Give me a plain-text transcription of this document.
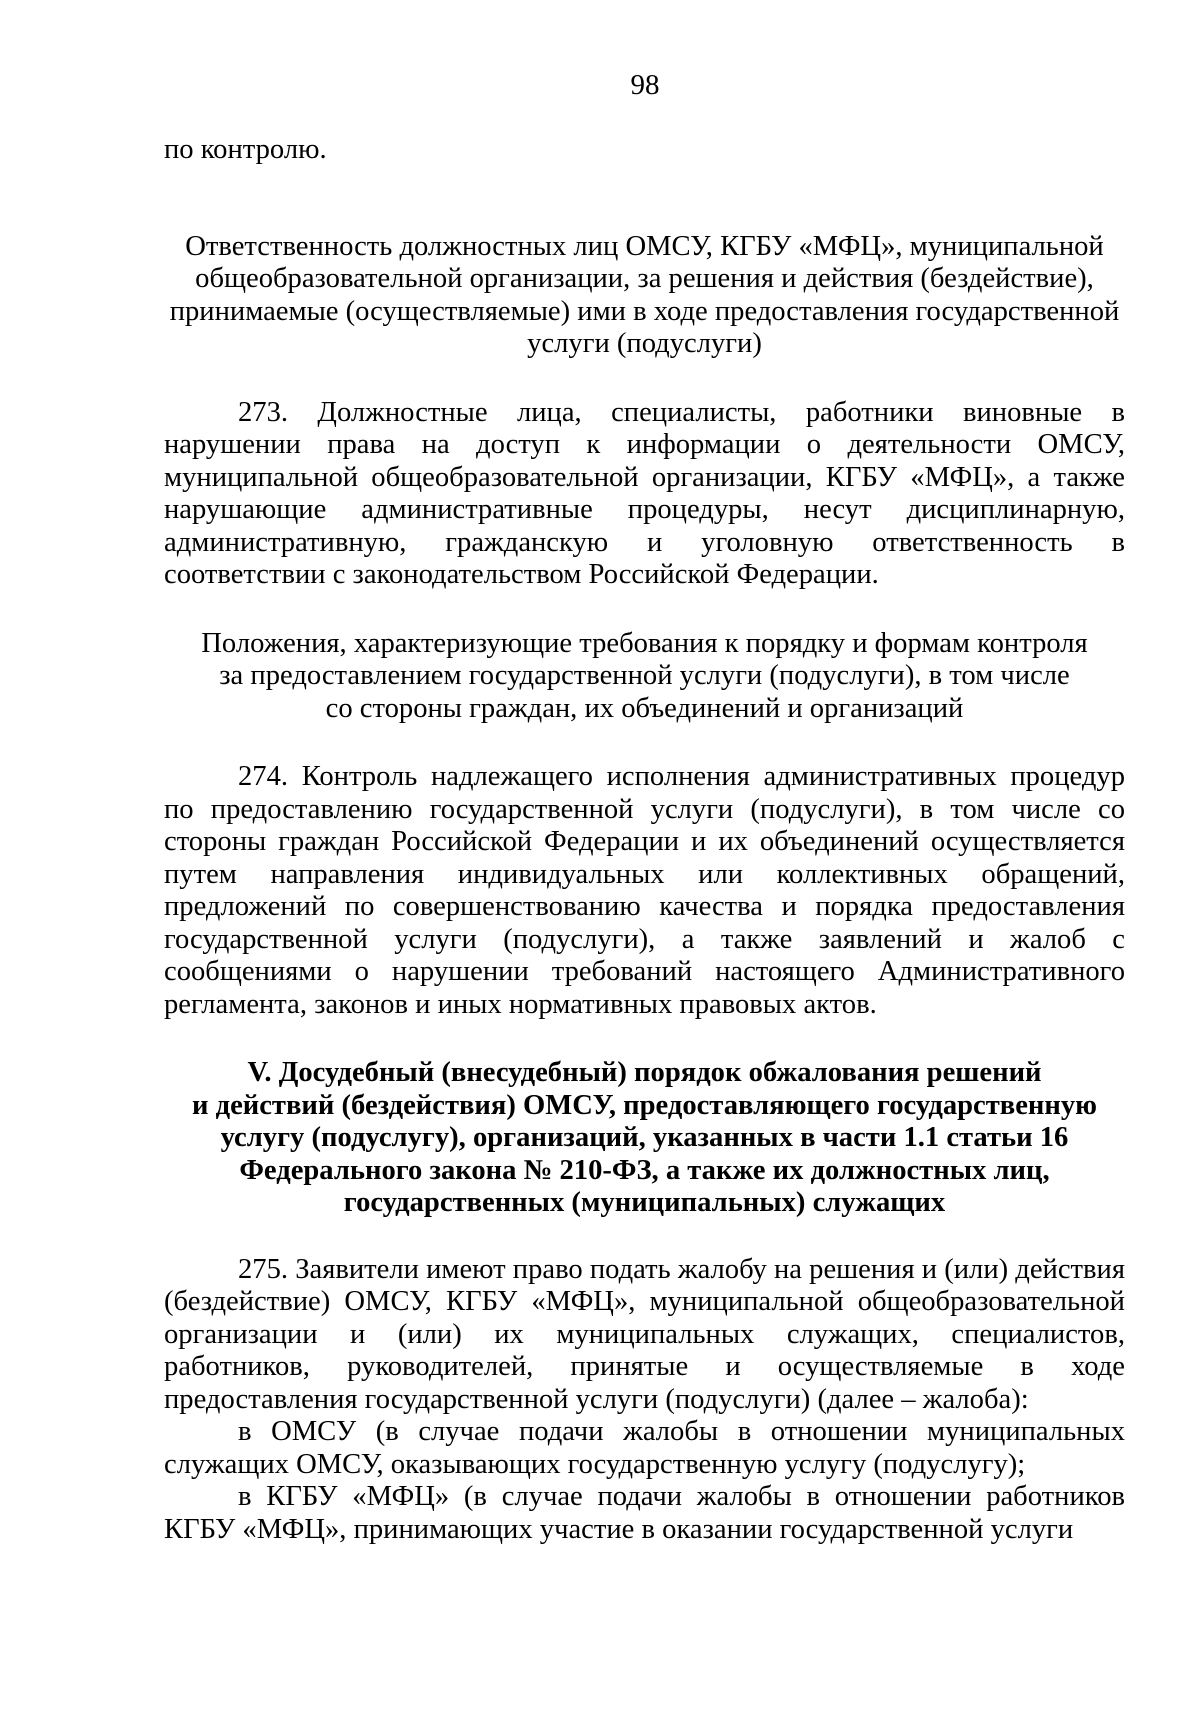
98

по контролю.

Ответственность должностных лиц ОМСУ, КГБУ «МФЦ», муниципальной

общеобразовательной организации, за решения и действия (бездействие),

принимаемые (осуществляемые) ими в ходе предоставления государственной

услуги (подуслуги)

273. Должностные лица, специалисты, работники виновные в нарушении права на доступ к информации о деятельности ОМСУ, муниципальной общеобразовательной организации, КГБУ «МФЦ», а также нарушающие административные процедуры, несут дисциплинарную, административную, гражданскую и уголовную ответственность в соответствии с законодательством Российской Федерации.

Положения, характеризующие требования к порядку и формам контроля

за предоставлением государственной услуги (подуслуги), в том числе

со стороны граждан, их объединений и организаций

274. Контроль надлежащего исполнения административных процедур по предоставлению государственной услуги (подуслуги), в том числе со стороны граждан Российской Федерации и их объединений осуществляется путем направления индивидуальных или коллективных обращений, предложений по совершенствованию качества и порядка предоставления государственной услуги (подуслуги), а также заявлений и жалоб с сообщениями о нарушении требований настоящего Административного регламента, законов и иных нормативных правовых актов.

V. Досудебный (внесудебный) порядок обжалования решений

и действий (бездействия) ОМСУ, предоставляющего государственную

услугу (подуслугу), организаций, указанных в части 1.1 статьи 16

Федерального закона № 210-ФЗ, а также их должностных лиц,

государственных (муниципальных) служащих

275. Заявители имеют право подать жалобу на решения и (или) действия (бездействие) ОМСУ, КГБУ «МФЦ», муниципальной общеобразовательной организации и (или) их муниципальных служащих, специалистов, работников, руководителей, принятые и осуществляемые в ходе предоставления государственной услуги (подуслуги) (далее – жалоба):

в ОМСУ (в случае подачи жалобы в отношении муниципальных служащих ОМСУ, оказывающих государственную услугу (подуслугу);

в КГБУ «МФЦ» (в случае подачи жалобы в отношении работников КГБУ «МФЦ», принимающих участие в оказании государственной услуги
